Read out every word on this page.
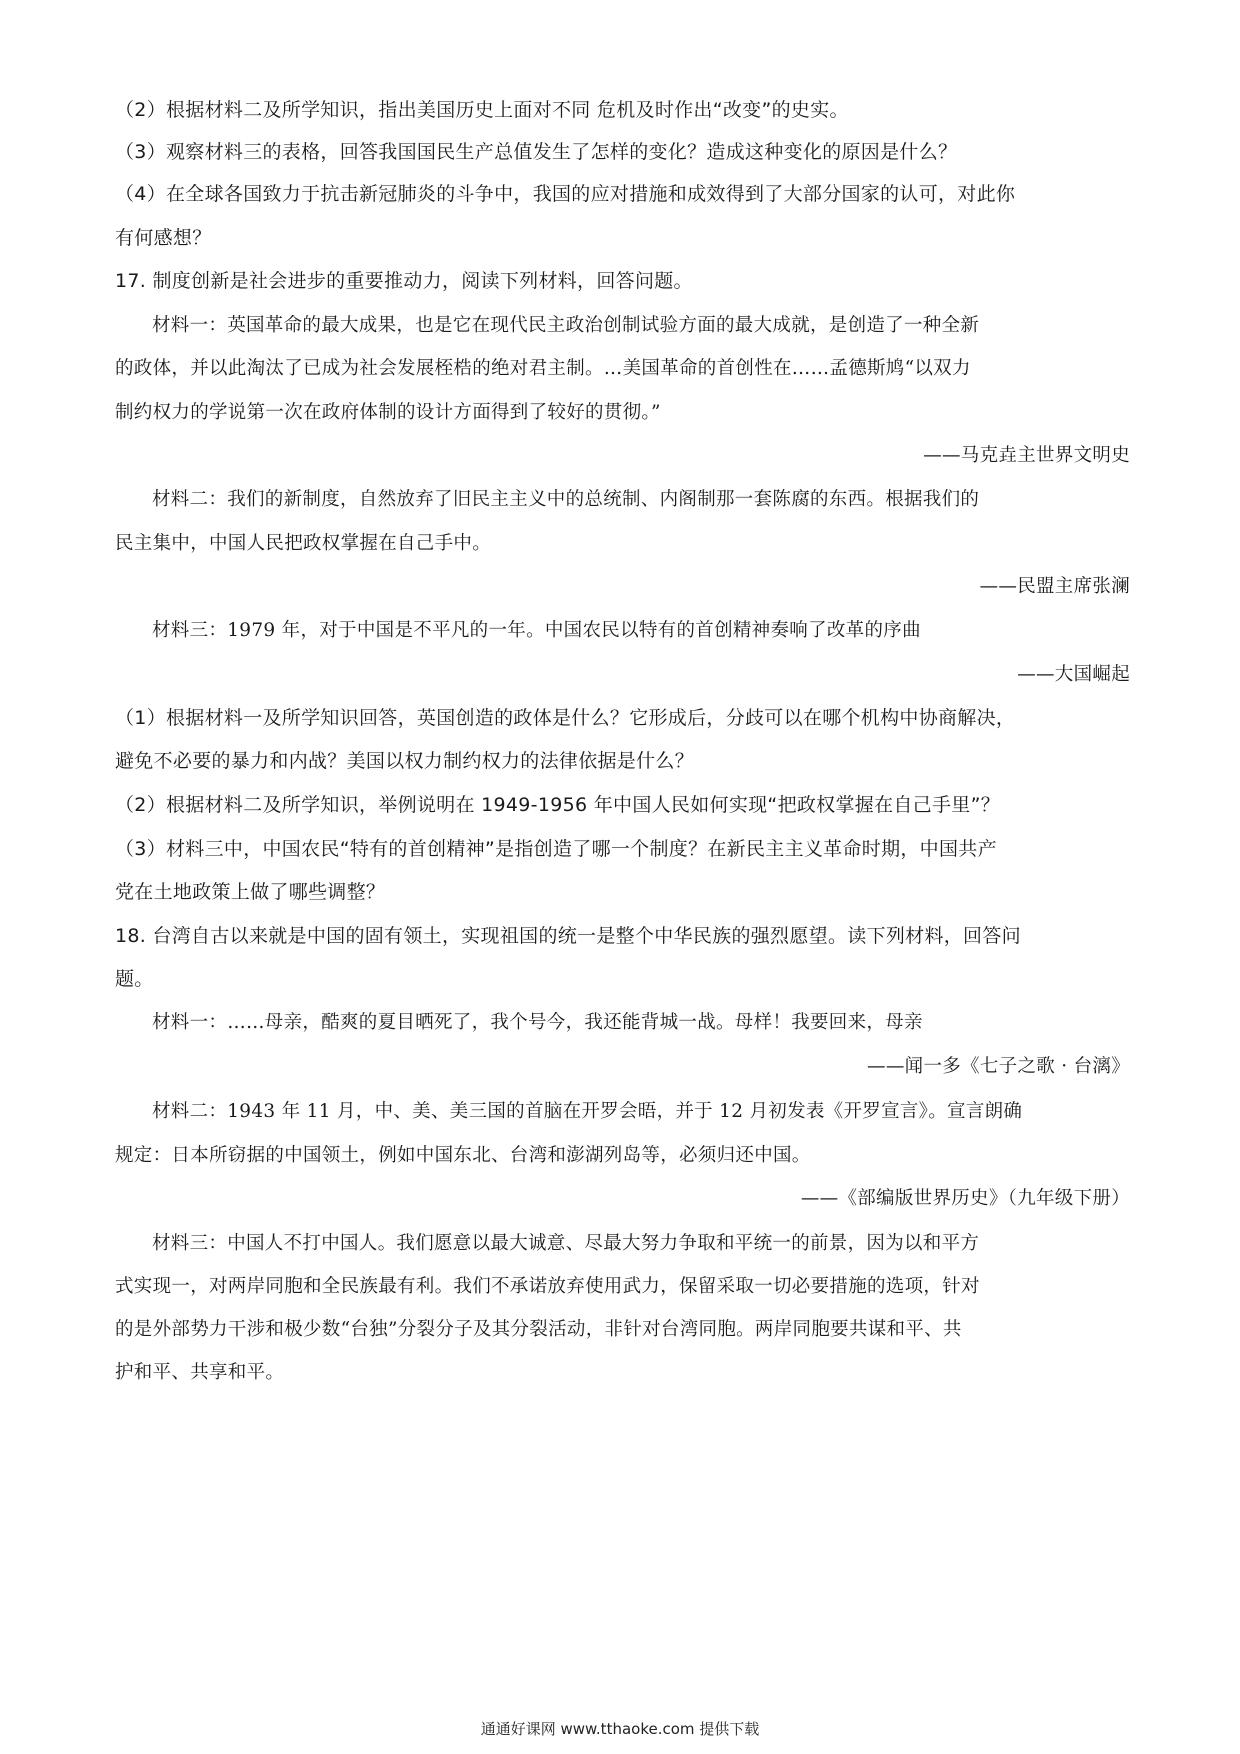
（2）根据材料二及所学知识，指出美国历史上面对不同 危机及时作出“改变”的史实。
（3）观察材料三的表格，回答我国国民生产总值发生了怎样的变化？造成这种变化的原因是什么？
（4）在全球各国致力于抗击新冠肺炎的斗争中，我国的应对措施和成效得到了大部分国家的认可，对此你
有何感想？
17. 制度创新是社会进步的重要推动力，阅读下列材料，回答问题。
材料一：英国革命的最大成果，也是它在现代民主政治创制试验方面的最大成就，是创造了一种全新
的政体，并以此淘汰了已成为社会发展桎梏的绝对君主制。…美国革命的首创性在……孟德斯鸠“以双力
制约权力的学说第一次在政府体制的设计方面得到了较好的贯彻。”
——马克垚主世界文明史
材料二：我们的新制度，自然放弃了旧民主主义中的总统制、内阁制那一套陈腐的东西。根据我们的
民主集中，中国人民把政权掌握在自己手中。
——民盟主席张澜
材料三：1979 年，对于中国是不平凡的一年。中国农民以特有的首创精神奏响了改革的序曲
——大国崛起
（1）根据材料一及所学知识回答，英国创造的政体是什么？它形成后，分歧可以在哪个机构中协商解决，
避免不必要的暴力和内战？美国以权力制约权力的法律依据是什么？
（2）根据材料二及所学知识，举例说明在 1949-1956 年中国人民如何实现“把政权掌握在自己手里”？
（3）材料三中，中国农民“特有的首创精神”是指创造了哪一个制度？在新民主主义革命时期，中国共产
党在土地政策上做了哪些调整？
18. 台湾自古以来就是中国的固有领土，实现祖国的统一是整个中华民族的强烈愿望。读下列材料，回答问
题。
材料一：……母亲，酷爽的夏目晒死了，我个号今，我还能背城一战。母样！我要回来，母亲
——闻一多《七子之歌 · 台漓》
材料二：1943 年 11 月，中、美、美三国的首脑在开罗会晤，并于 12 月初发表《开罗宣言》。宣言朗确
规定：日本所窃据的中国领土，例如中国东北、台湾和澎湖列岛等，必须归还中国。
——《部编版世界历史》（九年级下册）
材料三：中国人不打中国人。我们愿意以最大诚意、尽最大努力争取和平统一的前景，因为以和平方
式实现一，对两岸同胞和全民族最有利。我们不承诺放弃使用武力，保留采取一切必要措施的选项，针对
的是外部势力干涉和极少数“台独”分裂分子及其分裂活动，非针对台湾同胞。两岸同胞要共谋和平、共
护和平、共享和平。
通通好课网 www.tthaoke.com 提供下载
